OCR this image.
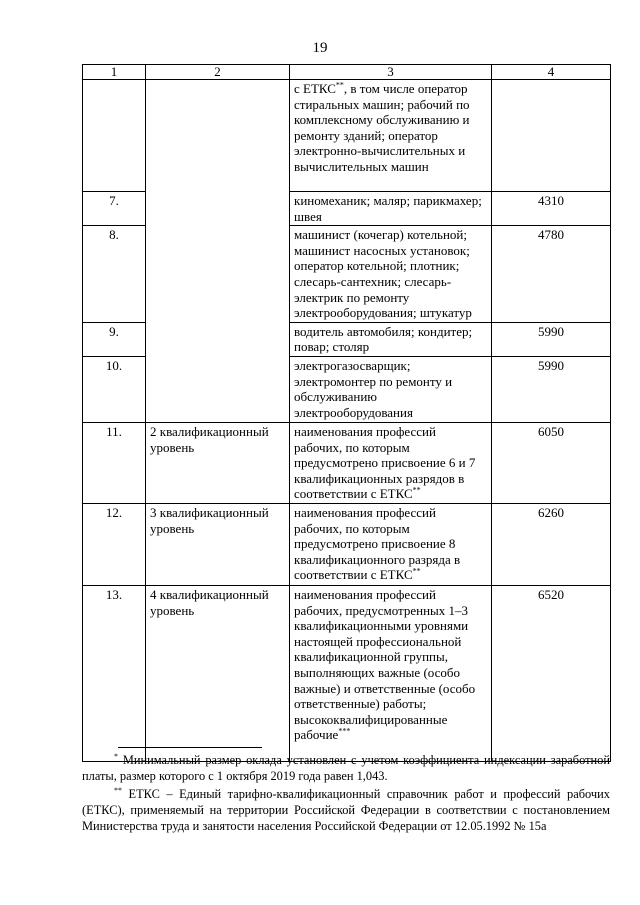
19
1	2	3	4
		с ЕТКС**, в том числе оператор стиральных машин; рабочий по комплексному обслуживанию и ремонту зданий; оператор электронно-вычислительных и вычислительных машин	
7.		киномеханик; маляр; парикмахер; швея	4310
8.		машинист (кочегар) котельной; машинист насосных установок; оператор котельной; плотник; слесарь-сантехник; слесарь-электрик по ремонту электрооборудования; штукатур	4780
9.		водитель автомобиля; кондитер; повар; столяр	5990
10.		электрогазосварщик; электромонтер по ремонту и обслуживанию электрооборудования	5990
11.	2 квалификационный уровень	наименования профессий рабочих, по которым предусмотрено присвоение 6 и 7 квалификационных разрядов в соответствии с ЕТКС**	6050
12.	3 квалификационный уровень	наименования профессий рабочих, по которым предусмотрено присвоение 8 квалификационного разряда в соответствии с ЕТКС**	6260
13.	4 квалификационный уровень	наименования профессий рабочих, предусмотренных 1–3 квалификационными уровнями настоящей профессиональной квалификационной группы, выполняющих важные (особо важные) и ответственные (особо ответственные) работы; высококвалифицированные рабочие***	6520

* Минимальный размер оклада установлен с учетом коэффициента индексации заработной платы, размер которого с 1 октября 2019 года равен 1,043.

** ЕТКС – Единый тарифно-квалификационный справочник работ и профессий рабочих (ЕТКС), применяемый на территории Российской Федерации в соответствии с постановлением Министерства труда и занятости населения Российской Федерации от 12.05.1992 № 15а
